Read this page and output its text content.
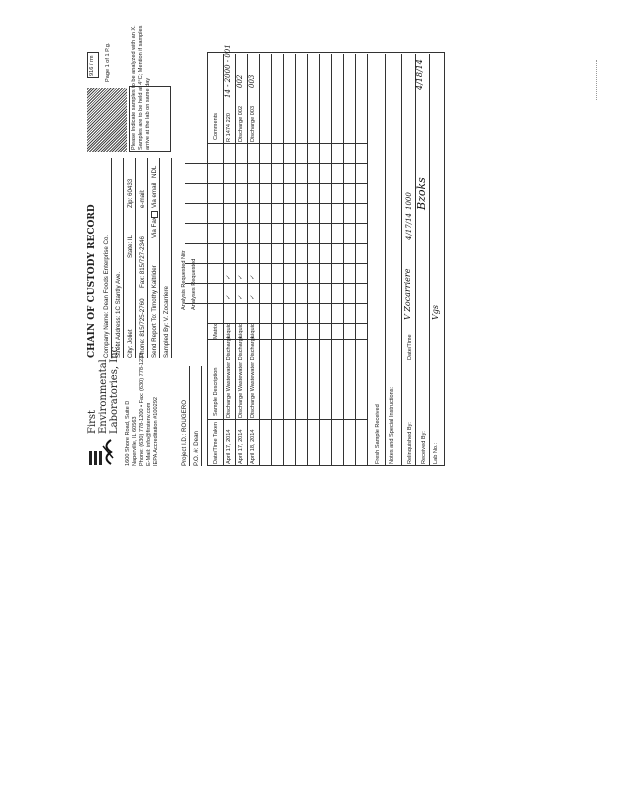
First Environmental Laboratories, Inc. 1600 Shore Road, Suite D Naperville, IL 60563 Phone: (630) 778-1200 • Fax: (630) 778-1233 E-Mail: info@firstenv.com IEPA Accreditation #100292
CHAIN OF CUSTODY RECORD Company Name: Dean Foods Enterprise Co. Street Address: 1C Stantly Ave. City: Joliet
State: IL
Zip: 60433
Phone: 815/725-2760
Fax: 815/727-2346
e-mail:
Send Report To: Timothy Kaltrider
Via Fax
Via email
NDL
Sampled By: V. Zocarriere
Please Indicate samples to be analyzed with an X. Samples are to be held at 4°C; Mention if samples arrive at the lab on same day
916 / rm Page 1 of 1 P.g.
Project I.D.: ROUGERO P.O. #: Dean
Analysis Requested Nitr Analyses Requested
Date/Time Taken
Sample Description
Matrix
Comments
April 17, 2014
Discharge Wastewater Discharge
Liquid
✓
✓
R 1474 220
14 - 2000 - 001
April 17, 2014
Discharge Wastewater Discharge
Liquid
✓
✓
Discharge 002
002
April 18, 2014
Discharge Wastewater Discharge
Liquid
✓
✓
Discharge 003
003
Fresh Sample Received Notes and Special Instructions: Relinquished By:
V Zocarriere
Date/Time
4/17/14
1000
Received By:
Bzoks
4/18/14
Lab No.:
Vgs
